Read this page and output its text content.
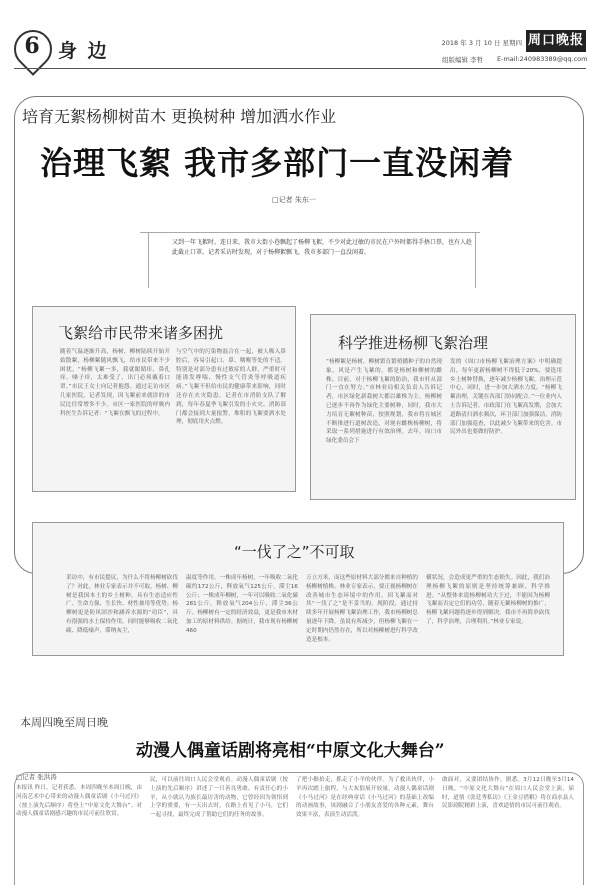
6 身 边	2018 年 3 月 10 日 星期四 周口晚报
组版编辑 李哲 E-mail:240983389@qq.com
培育无絮杨柳树苗木 更换树种 增加洒水作业
治理飞絮 我市多部门一直没闲着
□记者 朱东一
又到一年飞絮时。连日来，我市大街小巷飘起了杨柳飞絮，不少对此过敏的市民在户外时都得手捂口鼻，也有人趁此截止口罩。记者采访时发现，对于杨柳絮飘飞，我市多部门一直没闲着。
飞絮给市民带来诸多困扰
随着气温逐渐升高，杨树、柳树陆续开始开始散絮，杨柳絮随风飘飞，给市民带来不少困扰。“杨柳飞絮一多，我就眼睛痒、鼻孔痒、嗓子痒，太难受了，出门必须戴着口罩。”市民王女士向记者抱怨。通过走访市区几家医院，记者发现，因飞絮前来就诊的市民比往常增多不少。市区一家医院的呼吸内科医生告诉记者：“飞絮在飘飞的过程中，
与空气中的污染物混合在一起，被人吸入鼻腔后，容易引起口、鼻、咽喉等处的不适。特别是对部分患有过敏症的人群，严重时可能诱发哮喘、慢性支气管炎等呼吸道疾病。”飞絮不但给市民的健康带来影响，同时还存在火灾隐患。记者在市消防支队了解到，每年春夏季飞絮引发的小火灾、消防部门都会接到大量报警，堆积的飞絮要洒水处理，彻底用火点燃。
科学推进杨柳飞絮治理
“杨柳絮是杨树、柳树繁育繁殖播种子的自然现象，风是产生飞絮的，都是杨树和柳树的雌株。目前，对于杨柳飞絮的防治，我市杆从部门一直在努力。”市林业局相关负责人告诉记者，市区绿化新栽树大都以雄株为主，杨柳树已逐步不再作为绿化主要树种，同时，我市大力培育无絮树种苗，按照规划，我市将在城区不断推进行道树改造，对现有雌株杨柳树，将采取一系列措施进行有效治理。去年，周口市绿化委员会下
发的《周口市杨柳飞絮治理方案》中明确提出，每年更新杨柳树不得低于20%，要选用乡土树种替换，逐年减少杨柳飞絮，治理示范中心，同时，进一步加大洒水力度。“杨柳飞絮治理，关键在各部门协同配合。”一位业内人士告诉记者，市政部门在飞絮高发期，会加大道路清扫洒水频次，环卫部门加强保洁，消防部门加强巡查，以此减少飞絮带来的危害。市民外出也要做好防护。
“一伐了之”不可取
采访中，有市民提议，为什么不将杨柳树砍伐了？对此，林业专家表示并不可取。杨树、柳树是我国本土的乡土树种，具有生态适应性广、生命力强、生长快、材性兼用等优势。杨柳树更是防风固沙和涵养水源的“功臣”，具有很强的水土保持作用，同时能够吸收二氧化碳、降低噪声，滞纳灰尘，
温度等作用。一株成年杨树，一年吸收二氧化碳约172公斤，释放氧气125公斤，滞尘16公斤；一株成年柳树，一年可以吸收二氧化碳281公斤，释放氧气204公斤，滞尘36公斤。杨柳树有一定的经济效益，更是我市木材加工的原材料供给。据统计，我市现有杨柳树460
万立方米，而这些原材料大部分都来自种植的杨柳树植株。林业专家表示，要正视杨柳树在改善城市生态环境中的作用，因飞絮而对其“一伐了之”是不妥当的。现阶段，通过持续多年开展杨柳飞絮治理工作，我市杨柳树总量逐年下降，虽说有所减少，但杨柳飞絮在一定时期内仍然存在，所以对杨柳树进行科学改造是根本。
横状况，会造成更严重的生态损失。因此，我们治理杨柳飞絮的原则是坚持统筹兼顾、科学推进。“从整体来说杨柳树功大于过，不能因为杨柳飞絮而否定它们的功劳，随着无絮杨柳树的推广，杨柳飞絮问题将逐步得到解决。我市不再简单砍伐了，科学治理，合理利用。”林业专家说。
本周四晚至周日晚
动漫人偶童话剧将亮相“中原文化大舞台”
□记者 张洪涛
本报讯 昨日，记者获悉，本周四晚至本周日晚，由河南艺术中心带来的动漫人偶童话剧《小马过河》（按上演先后顺序）将登上“中原文化大舞台”。对动漫人偶童话剧感兴趣的市民可前往欣赏。
民，可以前往周口人民会堂观看。动漫人偶童话剧（按上演的先后顺序）讲述了一只善良勇敢、有责任心的小羊，从小就认为族长最厉害的动物，它曾经因为领悟到上学的重要，有一天出去时，在路上看见了小马，它们一起寻找，最终完成了帮助它们的任务的故事。
了把小猴拾走，抓走了小羊的伙伴。为了救出伙伴，小羊再次踏上旅程，与大灰狼展开较量。动漫人偶童话剧《小马过河》是在经典童话《小马过河》的基础上改编的动画故事，该剧融合了小朋友喜爱的各种元素，舞台效果丰富，表演生动活泼。
敢面对，又要团结协作。据悉，3月12日晚至3月14日晚，“中原文化大舞台”在周口人民会堂上演，届时，道情《张廷秀私访》《王金豆借粮》将在商水县人民影剧院精彩上演，喜欢道情的市民可前往观看。
